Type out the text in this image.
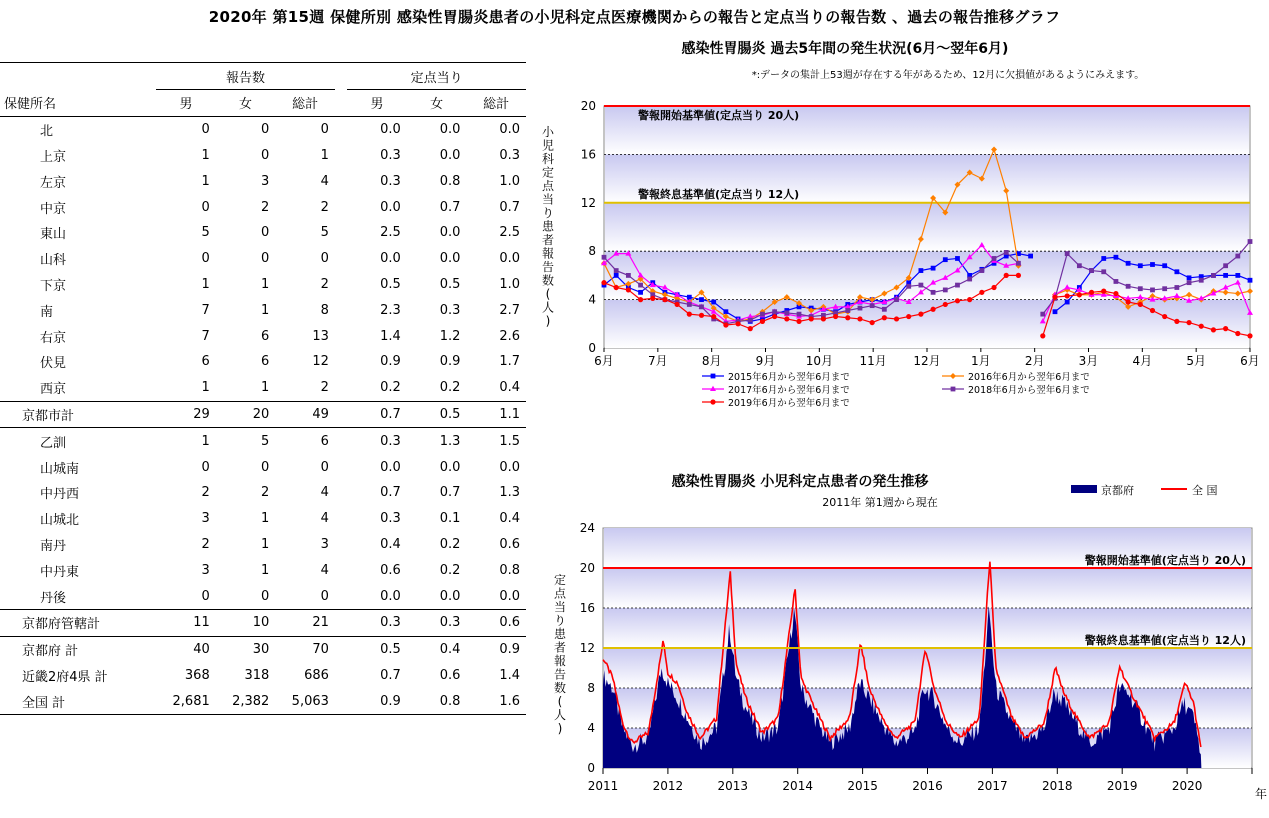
2020年 第15週 保健所別 感染性胃腸炎患者の小児科定点医療機関からの報告と定点当りの報告数 、過去の報告推移グラフ
	報告数				定点当り		
保健所名	男	女	総計		男	女	総計
北	0	0	0		0.0	0.0	0.0
上京	1	0	1		0.3	0.0	0.3
左京	1	3	4		0.3	0.8	1.0
中京	0	2	2		0.0	0.7	0.7
東山	5	0	5		2.5	0.0	2.5
山科	0	0	0		0.0	0.0	0.0
下京	1	1	2		0.5	0.5	1.0
南	7	1	8		2.3	0.3	2.7
右京	7	6	13		1.4	1.2	2.6
伏見	6	6	12		0.9	0.9	1.7
西京	1	1	2		0.2	0.2	0.4
京都市計	29	20	49		0.7	0.5	1.1
乙訓	1	5	6		0.3	1.3	1.5
山城南	0	0	0		0.0	0.0	0.0
中丹西	2	2	4		0.7	0.7	1.3
山城北	3	1	4		0.3	0.1	0.4
南丹	2	1	3		0.4	0.2	0.6
中丹東	3	1	4		0.6	0.2	0.8
丹後	0	0	0		0.0	0.0	0.0
京都府管轄計	11	10	21		0.3	0.3	0.6
京都府 計	40	30	70		0.5	0.4	0.9
近畿2府4県 計	368	318	686		0.7	0.6	1.4
全国 計	2,681	2,382	5,063		0.9	0.8	1.6
感染性胃腸炎 過去5年間の発生状況(6月～翌年6月)
*:データの集計上53週が存在する年があるため、12月に欠損値があるようにみえます。
0
4
8
12
16
20
警報開始基準値(定点当り 20人)
警報終息基準値(定点当り 12人)
6月	7月	8月	9月	10月 11月 12月	1月	2月	3月	4月	5月	6月
小
児
科
定
点
当
り
患
者
報
告
数
(
人
)
2015年6月から翌年6月まで	2016年6月から翌年6月まで
2017年6月から翌年6月まで	2018年6月から翌年6月まで
2019年6月から翌年6月まで
感染性胃腸炎 小児科定点患者の発生推移
2011年 第1週から現在
0
4
8
12
16
20
24
2011	2012	2013	2014	2015	2016	2017	2018	2019	2020
年
定
点
当
り
患
者
報
告
数
(
人
)
警報開始基準値(定点当り 20人)
警報終息基準値(定点当り 12人)
京都府	全 国
